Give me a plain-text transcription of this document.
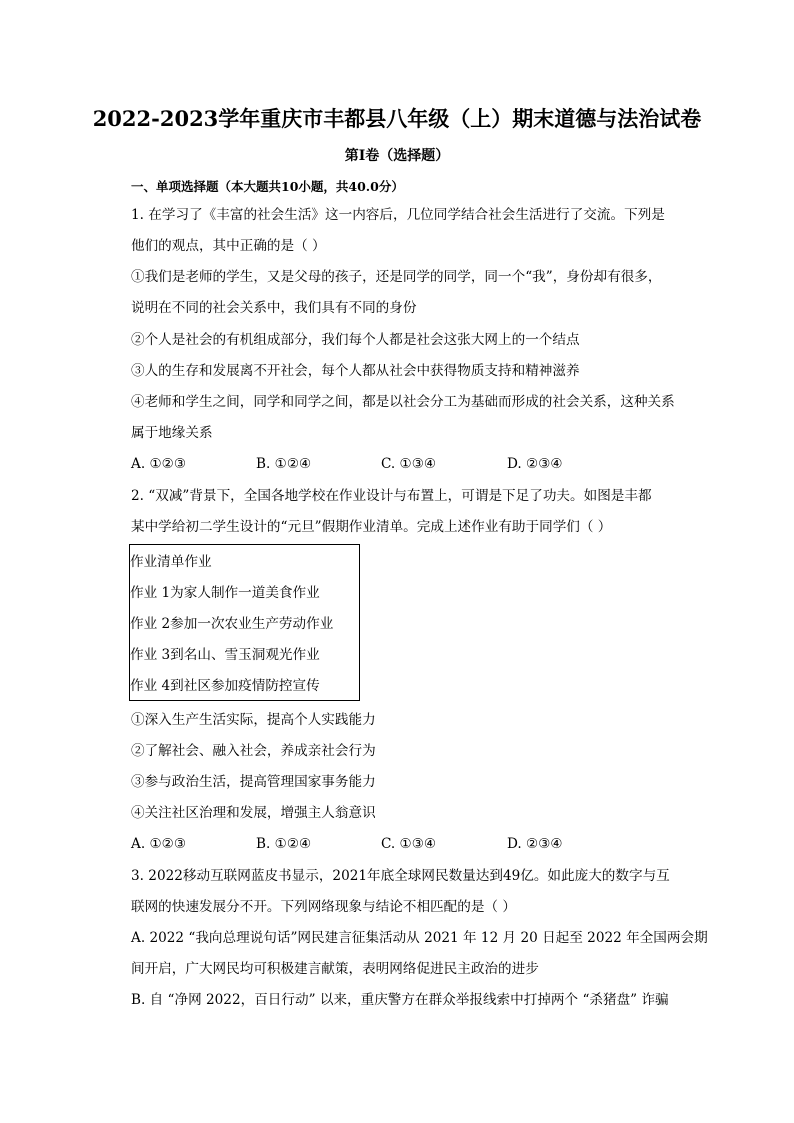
2022-2023学年重庆市丰都县八年级（上）期末道德与法治试卷
第I卷（选择题）
一、单项选择题（本大题共10小题，共40.0分）
1. 在学习了《丰富的社会生活》这一内容后，几位同学结合社会生活进行了交流。下列是
他们的观点，其中正确的是（ ）
①我们是老师的学生，又是父母的孩子，还是同学的同学，同一个“我”，身份却有很多，
说明在不同的社会关系中，我们具有不同的身份
②个人是社会的有机组成部分，我们每个人都是社会这张大网上的一个结点
③人的生存和发展离不开社会，每个人都从社会中获得物质支持和精神滋养
④老师和学生之间，同学和同学之间，都是以社会分工为基础而形成的社会关系，这种关系
属于地缘关系
A. ①②③	B. ①②④	C. ①③④	D. ②③④
2. “双减”背景下，全国各地学校在作业设计与布置上，可谓是下足了功夫。如图是丰都
某中学给初二学生设计的“元旦”假期作业清单。完成上述作业有助于同学们（ ）
作业清单作业
作业 1为家人制作一道美食作业
作业 2参加一次农业生产劳动作业
作业 3到名山、雪玉洞观光作业
作业 4到社区参加疫情防控宣传
①深入生产生活实际，提高个人实践能力
②了解社会、融入社会，养成亲社会行为
③参与政治生活，提高管理国家事务能力
④关注社区治理和发展，增强主人翁意识
A. ①②③	B. ①②④	C. ①③④	D. ②③④
3. 2022移动互联网蓝皮书显示，2021年底全球网民数量达到49亿。如此庞大的数字与互
联网的快速发展分不开。下列网络现象与结论不相匹配的是（ ）
A. 2022 “我向总理说句话”网民建言征集活动从 2021 年 12 月 20 日起至 2022 年全国两会期
间开启，广大网民均可积极建言献策，表明网络促进民主政治的进步
B. 自 “净网 2022，百日行动” 以来，重庆警方在群众举报线索中打掉两个 “杀猪盘” 诈骗
